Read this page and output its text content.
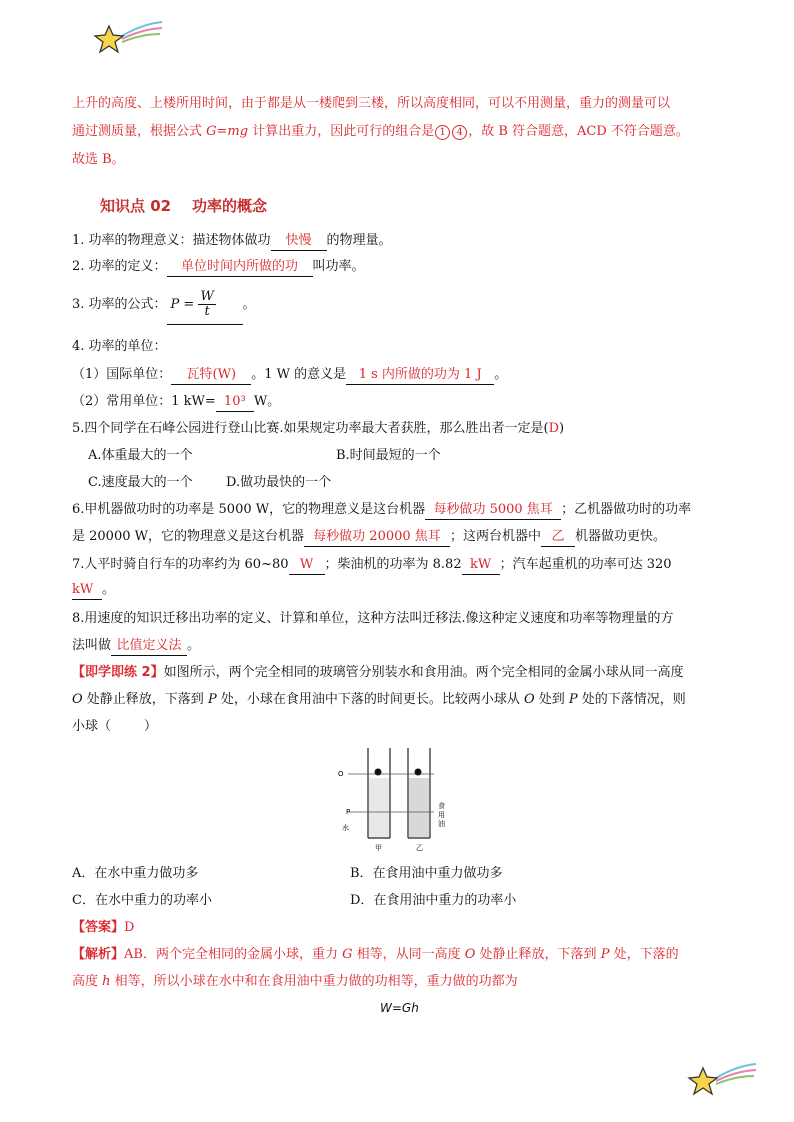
上升的高度、上楼所用时间，由于都是从一楼爬到三楼，所以高度相同，可以不用测量，重力的测量可以
通过测质量，根据公式 G=mg 计算出重力，因此可行的组合是 1 4 ，故 B 符合题意，ACD 不符合题意。
故选 B。
知识点 02    功率的概念
1. 功率的物理意义：描述物体做功 快慢 的物理量。
2. 功率的定义： 单位时间内所做的功 叫功率。
3. 功率的公式： $P = \frac{W}{t}$ 。
4. 功率的单位：
（1）国际单位： 瓦特(W) 。1 W 的意义是 1 s 内所做的功为 1 J 。
（2）常用单位：1 kW= 10³ W。
5.四个同学在石峰公园进行登山比赛.如果规定功率最大者获胜，那么胜出者一定是(D)
A.体重最大的一个	B.时间最短的一个
C.速度最大的一个	D.做功最快的一个
6.甲机器做功时的功率是 5000 W，它的物理意义是这台机器 每秒做功 5000 焦耳 ；乙机器做功时的功率
是 20000 W，它的物理意义是这台机器 每秒做功 20000 焦耳 ；这两台机器中 乙 机器做功更快。
7.人平时骑自行车的功率约为 60~80 W ；柴油机的功率为 8.82 kW ；汽车起重机的功率可达 320
kW 。
8.用速度的知识迁移出功率的定义、计算和单位，这种方法叫迁移法.像这种定义速度和功率等物理量的方
法叫做 比值定义法 。
【即学即练 2】如图所示，两个完全相同的玻璃管分别装水和食用油。两个完全相同的金属小球从同一高度
O 处静止释放，下落到 P 处，小球在食用油中下落的时间更长。比较两小球从 O 处到 P 处的下落情况，则
小球（        ）
O
P
水
食
用
油
甲	乙
A．在水中重力做功多	B．在食用油中重力做功多
C．在水中重力的功率小	D．在食用油中重力的功率小
【答案】D
【解析】AB．两个完全相同的金属小球，重力 G 相等，从同一高度 O 处静止释放，下落到 P 处，下落的
高度 h 相等，所以小球在水中和在食用油中重力做的功相等，重力做的功都为
W=Gh
